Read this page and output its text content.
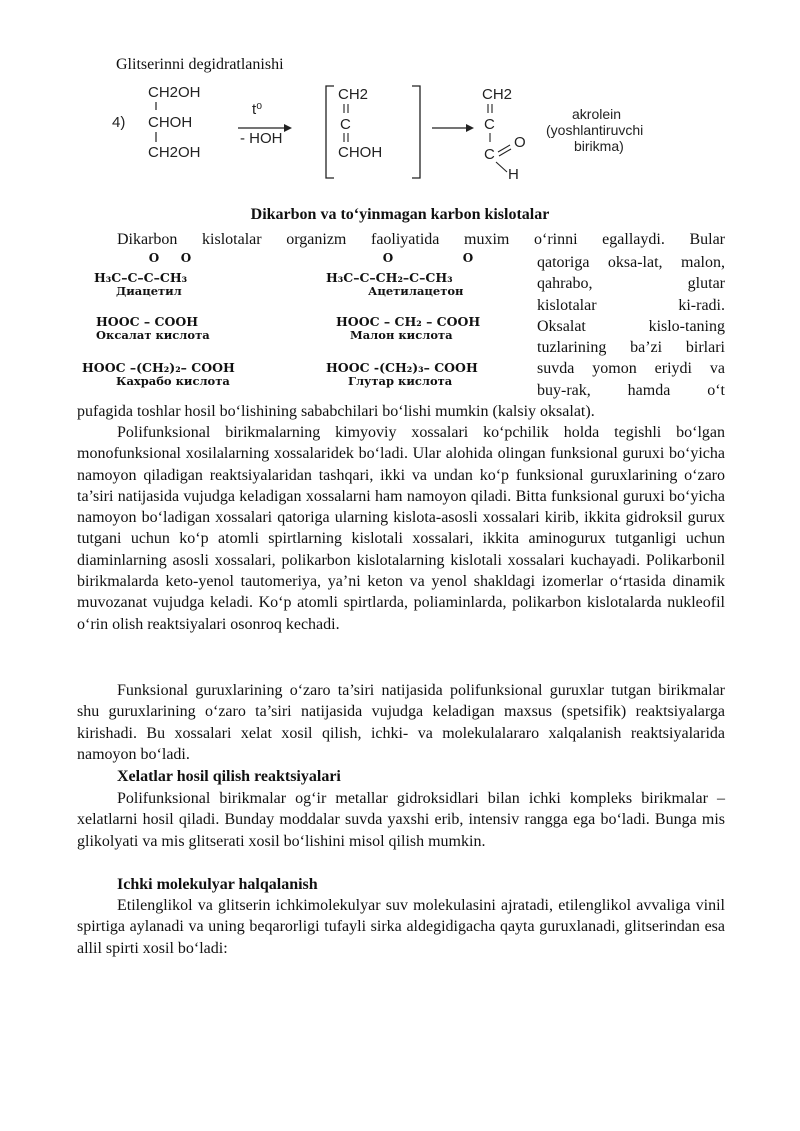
Glitserinni degidratlanishi
4)
CH2OH
CHOH
CH2OH
t⁰
- HOH
CH2
C
CHOH
CH2
C
C
O
H
akrolein
(yoshlantiruvchi
birikma)
Dikarbon va to‘yinmagan karbon kislotalar
Dikarbon kislotalar organizm faoliyatida muxim o‘rinni egallaydi. Bular
O O
H₃C–C–C–CH₃
Диацетил
O	O
H₃C–C–CH₂–C–CH₃
Ацетилацетон
HOOC – COOH
Оксалат кислота
HOOC – CH₂ – COOH
Малон кислота
HOOC –(CH₂)₂– COOH
Кахрабо кислота
HOOC -(CH₂)₃– COOH
Глутар кислота
qatoriga oksa-lat, malon,
qahrabo, glutar
kislotalar ki-radi.
Oksalat kislo-taning
tuzlarining ba’zi birlari
suvda yomon eriydi va
buy-rak, hamda o‘t
pufagida toshlar hosil bo‘lishining sababchilari bo‘lishi mumkin (kalsiy oksalat).
Polifunksional birikmalarning kimyoviy xossalari ko‘pchilik holda tegishli bo‘lgan monofunksional xosilalarning xossalaridek bo‘ladi. Ular alohida olingan funksional guruxi bo‘yicha namoyon qiladigan reaktsiyalaridan tashqari, ikki va undan ko‘p funksional guruxlarining o‘zaro ta’siri natijasida vujudga keladigan xossalarni ham namoyon qiladi. Bitta funksional guruxi bo‘yicha namoyon bo‘ladigan xossalari qatoriga ularning kislota-asosli xossalari kirib, ikkita gidroksil gurux tutgani uchun ko‘p atomli spirtlarning kislotali xossalari, ikkita aminogurux tutganligi uchun diaminlarning asosli xossalari, polikarbon kislotalarning kislotali xossalari kuchayadi. Polikarbonil birikmalarda keto-yenol tautomeriya, ya’ni keton va yenol shakldagi izomerlar o‘rtasida dinamik muvozanat vujudga keladi. Ko‘p atomli spirtlarda, poliaminlarda, polikarbon kislotalarda nukleofil o‘rin olish reaktsiyalari osonroq kechadi.
Funksional guruxlarining o‘zaro ta’siri natijasida polifunksional guruxlar tutgan birikmalar shu guruxlarining o‘zaro ta’siri natijasida vujudga keladigan maxsus (spetsifik) reaktsiyalarga kirishadi. Bu xossalari xelat xosil qilish, ichki- va molekulalararo xalqalanish reaktsiyalarida namoyon bo‘ladi.
Xelatlar hosil qilish reaktsiyalari
Polifunksional birikmalar og‘ir metallar gidroksidlari bilan ichki kompleks birikmalar – xelatlarni hosil qiladi. Bunday moddalar suvda yaxshi erib, intensiv rangga ega bo‘ladi. Bunga mis glikolyati va mis glitserati xosil bo‘lishini misol qilish mumkin.
Ichki molekulyar halqalanish
Etilenglikol va glitserin ichkimolekulyar suv molekulasini ajratadi, etilenglikol avvaliga vinil spirtiga aylanadi va uning beqarorligi tufayli sirka aldegidigacha qayta guruxlanadi, glitserindan esa allil spirti xosil bo‘ladi:
